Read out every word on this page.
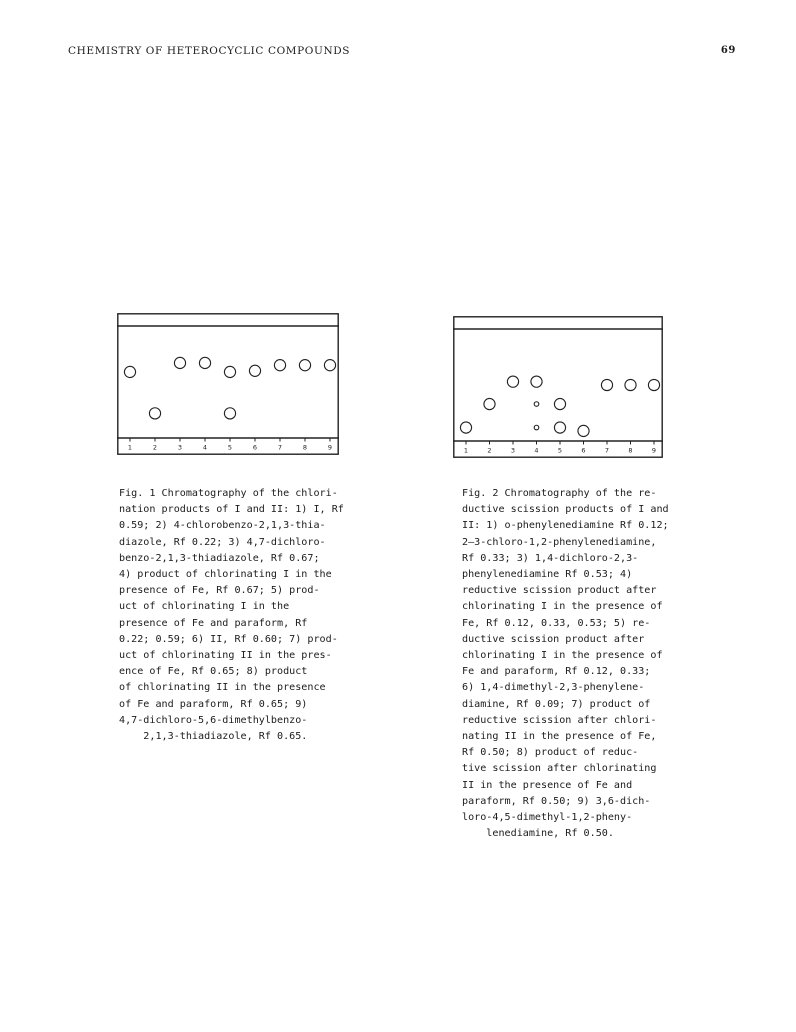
CHEMISTRY OF HETEROCYCLIC COMPOUNDS	69
1	2	3	4	5	6	7	8	9	1	2	3	4	5	6	7	8	9
Fig. 1 Chromatography of the chlori-
nation products of I and II: 1) I, Rf
0.59; 2) 4-chlorobenzo-2,1,3-thia-
diazole, Rf 0.22; 3) 4,7-dichloro-
benzo-2,1,3-thiadiazole, Rf 0.67;
4) product of chlorinating I in the
presence of Fe, Rf 0.67; 5) prod-
uct of chlorinating I in the
presence of Fe and paraform, Rf
0.22; 0.59; 6) II, Rf 0.60; 7) prod-
uct of chlorinating II in the pres-
ence of Fe, Rf 0.65; 8) product
of chlorinating II in the presence
of Fe and paraform, Rf 0.65; 9)
4,7-dichloro-5,6-dimethylbenzo-
2,1,3-thiadiazole, Rf 0.65.
Fig. 2 Chromatography of the re-
ductive scission products of I and
II: 1) o-phenylenediamine Rf 0.12;
2—3-chloro-1,2-phenylenediamine,
Rf 0.33; 3) 1,4-dichloro-2,3-
phenylenediamine Rf 0.53; 4)
reductive scission product after
chlorinating I in the presence of
Fe, Rf 0.12, 0.33, 0.53; 5) re-
ductive scission product after
chlorinating I in the presence of
Fe and paraform, Rf 0.12, 0.33;
6) 1,4-dimethyl-2,3-phenylene-
diamine, Rf 0.09; 7) product of
reductive scission after chlori-
nating II in the presence of Fe,
Rf 0.50; 8) product of reduc-
tive scission after chlorinating
II in the presence of Fe and
paraform, Rf 0.50; 9) 3,6-dich-
loro-4,5-dimethyl-1,2-pheny-
lenediamine, Rf 0.50.
